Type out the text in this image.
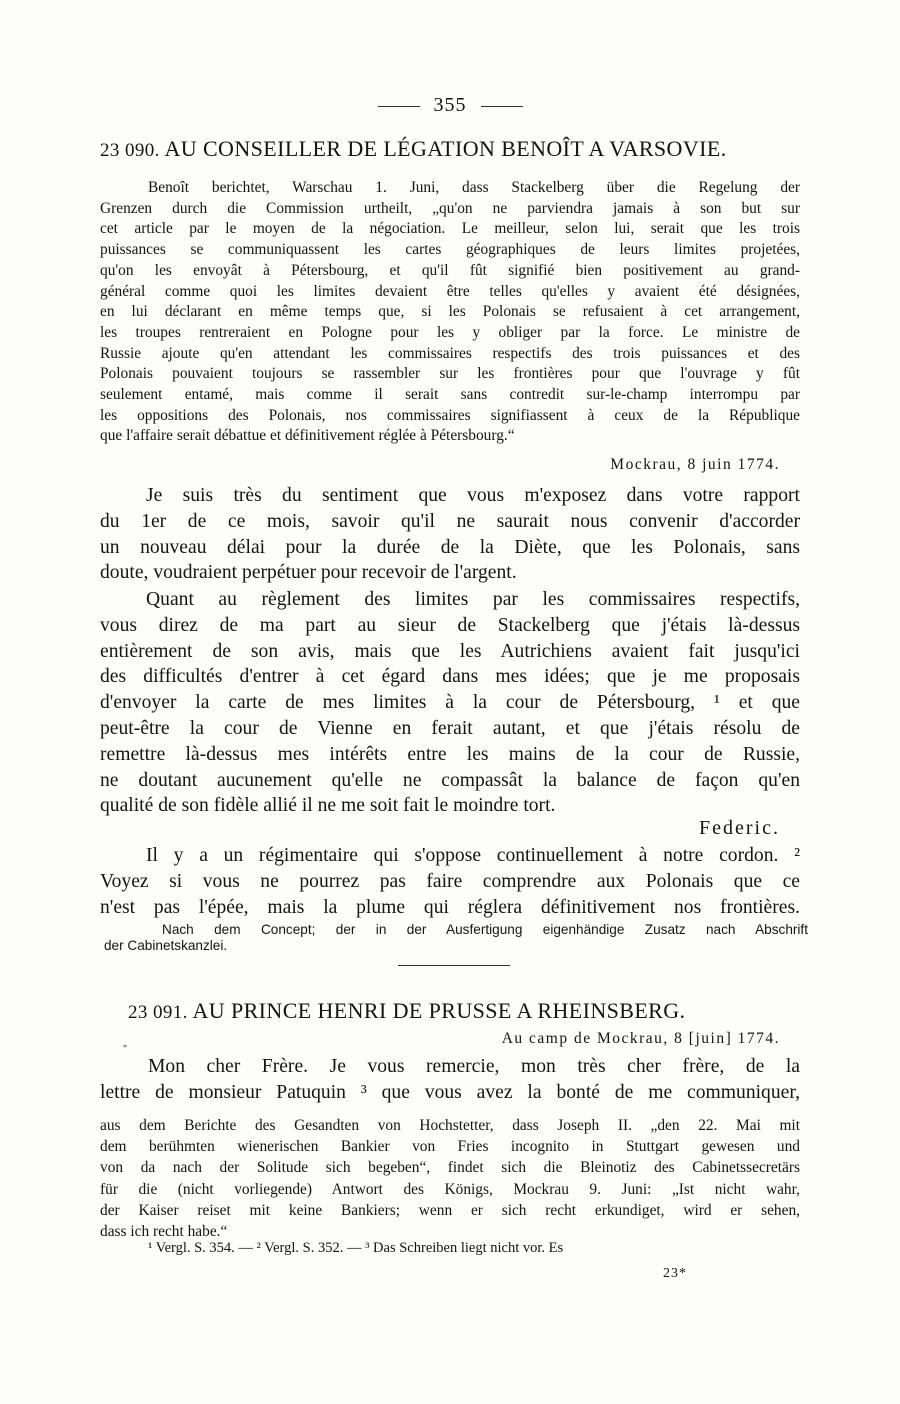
355
23 090. AU CONSEILLER DE LÉGATION BENOÎT A VARSOVIE.
Benoît berichtet, Warschau 1. Juni, dass Stackelberg über die Regelung der
Grenzen durch die Commission urtheilt, „qu'on ne parviendra jamais à son but sur
cet article par le moyen de la négociation. Le meilleur, selon lui, serait que les trois
puissances se communiquassent les cartes géographiques de leurs limites projetées,
qu'on les envoyât à Pétersbourg, et qu'il fût signifié bien positivement au grand-
général comme quoi les limites devaient être telles qu'elles y avaient été désignées,
en lui déclarant en même temps que, si les Polonais se refusaient à cet arrangement,
les troupes rentreraient en Pologne pour les y obliger par la force. Le ministre de
Russie ajoute qu'en attendant les commissaires respectifs des trois puissances et des
Polonais pouvaient toujours se rassembler sur les frontières pour que l'ouvrage y fût
seulement entamé, mais comme il serait sans contredit sur-le-champ interrompu par
les oppositions des Polonais, nos commissaires signifiassent à ceux de la République
que l'affaire serait débattue et définitivement réglée à Pétersbourg.“
Mockrau, 8 juin 1774.
Je suis très du sentiment que vous m'exposez dans votre rapport
du 1er de ce mois, savoir qu'il ne saurait nous convenir d'accorder
un nouveau délai pour la durée de la Diète, que les Polonais, sans
doute, voudraient perpétuer pour recevoir de l'argent.
Quant au règlement des limites par les commissaires respectifs,
vous direz de ma part au sieur de Stackelberg que j'étais là-dessus
entièrement de son avis, mais que les Autrichiens avaient fait jusqu'ici
des difficultés d'entrer à cet égard dans mes idées; que je me proposais
d'envoyer la carte de mes limites à la cour de Pétersbourg, ¹ et que
peut-être la cour de Vienne en ferait autant, et que j'étais résolu de
remettre là-dessus mes intérêts entre les mains de la cour de Russie,
ne doutant aucunement qu'elle ne compassât la balance de façon qu'en
qualité de son fidèle allié il ne me soit fait le moindre tort.
Federic.
Il y a un régimentaire qui s'oppose continuellement à notre cordon. ²
Voyez si vous ne pourrez pas faire comprendre aux Polonais que ce
n'est pas l'épée, mais la plume qui réglera définitivement nos frontières.
Nach dem Concept; der in der Ausfertigung eigenhändige Zusatz nach Abschrift
der Cabinetskanzlei.
23 091. AU PRINCE HENRI DE PRUSSE A RHEINSBERG.
Au camp de Mockrau, 8 [juin] 1774.
"
Mon cher Frère. Je vous remercie, mon très cher frère, de la
lettre de monsieur Patuquin ³ que vous avez la bonté de me communiquer,
aus dem Berichte des Gesandten von Hochstetter, dass Joseph II. „den 22. Mai mit
dem berühmten wienerischen Bankier von Fries incognito in Stuttgart gewesen und
von da nach der Solitude sich begeben“, findet sich die Bleinotiz des Cabinetssecretärs
für die (nicht vorliegende) Antwort des Königs, Mockrau 9. Juni: „Ist nicht wahr,
der Kaiser reiset mit keine Bankiers; wenn er sich recht erkundiget, wird er sehen,
dass ich recht habe.“
¹ Vergl. S. 354. — ² Vergl. S. 352. — ³ Das Schreiben liegt nicht vor. Es
23*
